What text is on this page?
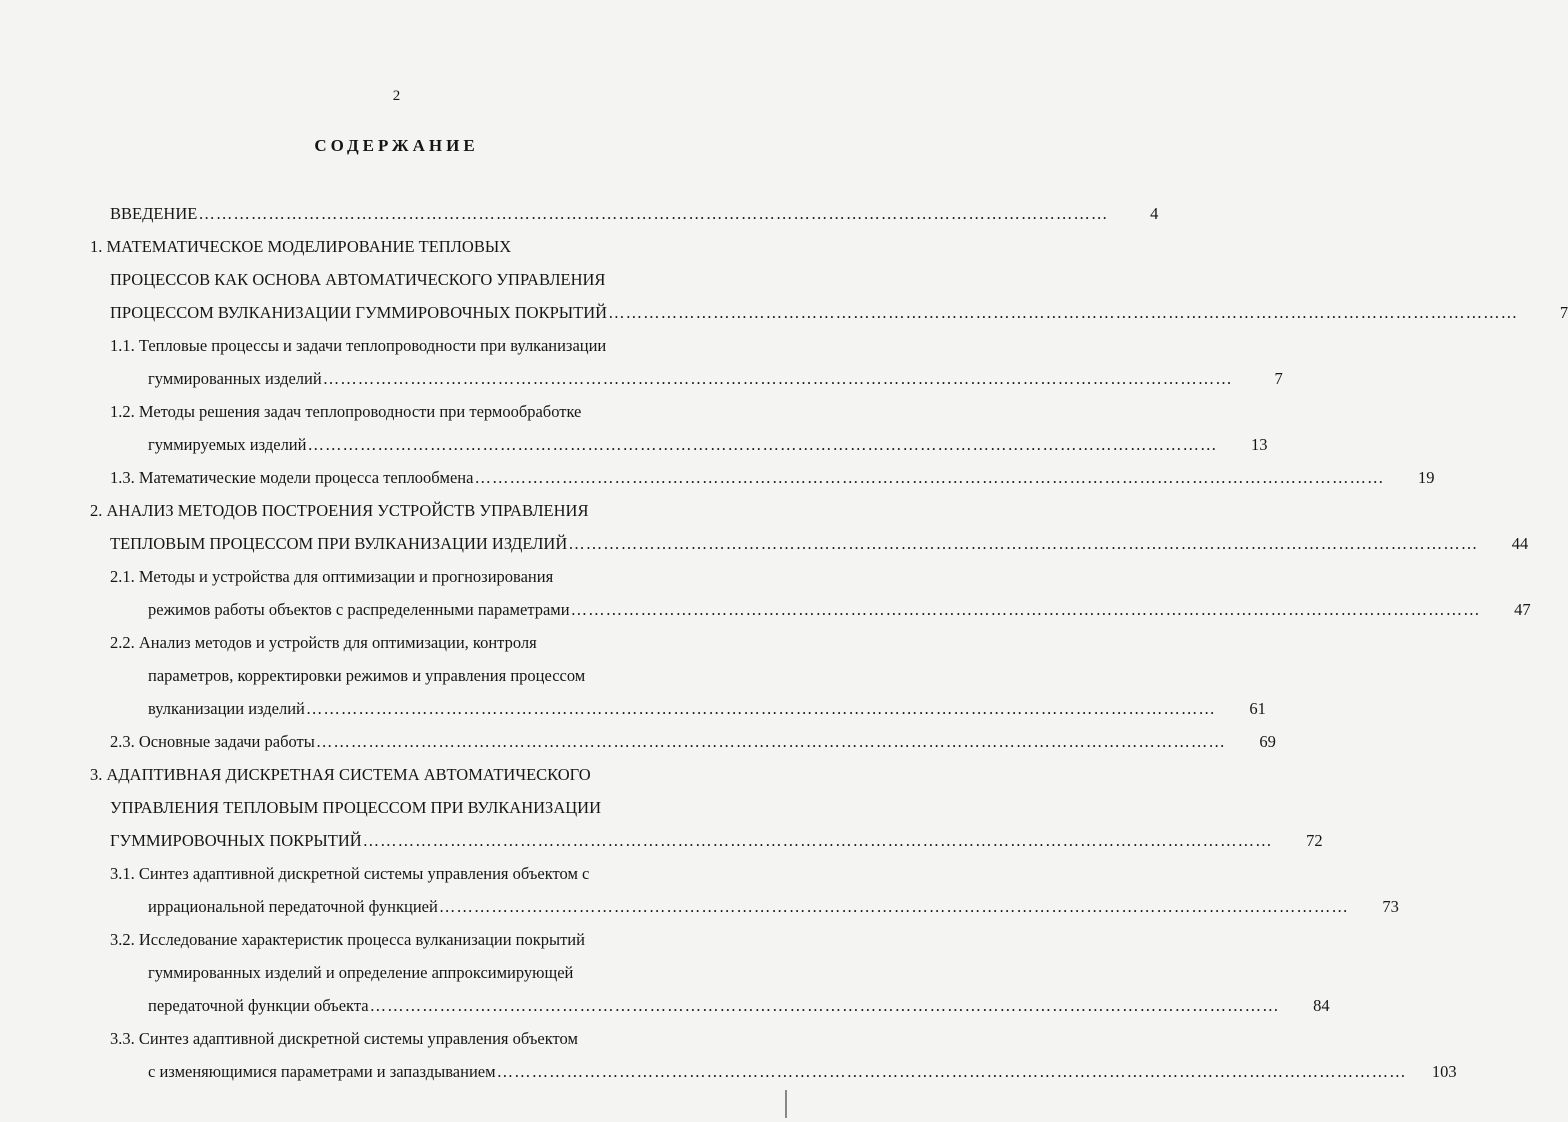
2
СОДЕРЖАНИЕ
ВВЕДЕНИЕ …………………………………………………………………………………………………………………………………………	4
1. МАТЕМАТИЧЕСКОЕ МОДЕЛИРОВАНИЕ ТЕПЛОВЫХ
ПРОЦЕССОВ КАК ОСНОВА АВТОМАТИЧЕСКОГО УПРАВЛЕНИЯ
ПРОЦЕССОМ ВУЛКАНИЗАЦИИ ГУММИРОВОЧНЫХ ПОКРЫТИЙ …………………………………………………………………………………………………………………………………………	7
1.1. Тепловые процессы и задачи теплопроводности при вулканизации
гуммированных изделий …………………………………………………………………………………………………………………………………………	7
1.2. Методы решения задач теплопроводности при термообработке
гуммируемых изделий …………………………………………………………………………………………………………………………………………	13
1.3. Математические модели процесса теплообмена …………………………………………………………………………………………………………………………………………	19
2. АНАЛИЗ МЕТОДОВ ПОСТРОЕНИЯ УСТРОЙСТВ УПРАВЛЕНИЯ
ТЕПЛОВЫМ ПРОЦЕССОМ ПРИ ВУЛКАНИЗАЦИИ ИЗДЕЛИЙ …………………………………………………………………………………………………………………………………………	44
2.1. Методы и устройства для оптимизации и прогнозирования
режимов работы объектов с распределенными параметрами …………………………………………………………………………………………………………………………………………	47
2.2. Анализ методов и устройств для оптимизации, контроля
параметров, корректировки режимов и управления процессом
вулканизации изделий …………………………………………………………………………………………………………………………………………	61
2.3. Основные задачи работы …………………………………………………………………………………………………………………………………………	69
3. АДАПТИВНАЯ ДИСКРЕТНАЯ СИСТЕМА АВТОМАТИЧЕСКОГО
УПРАВЛЕНИЯ ТЕПЛОВЫМ ПРОЦЕССОМ ПРИ ВУЛКАНИЗАЦИИ
ГУММИРОВОЧНЫХ ПОКРЫТИЙ …………………………………………………………………………………………………………………………………………	72
3.1. Синтез адаптивной дискретной системы управления объектом с
иррациональной передаточной функцией …………………………………………………………………………………………………………………………………………	73
3.2. Исследование характеристик процесса вулканизации покрытий
гуммированных изделий и определение аппроксимирующей
передаточной функции объекта …………………………………………………………………………………………………………………………………………	84
3.3. Синтез адаптивной дискретной системы управления объектом
с изменяющимися параметрами и запаздыванием …………………………………………………………………………………………………………………………………………	103
